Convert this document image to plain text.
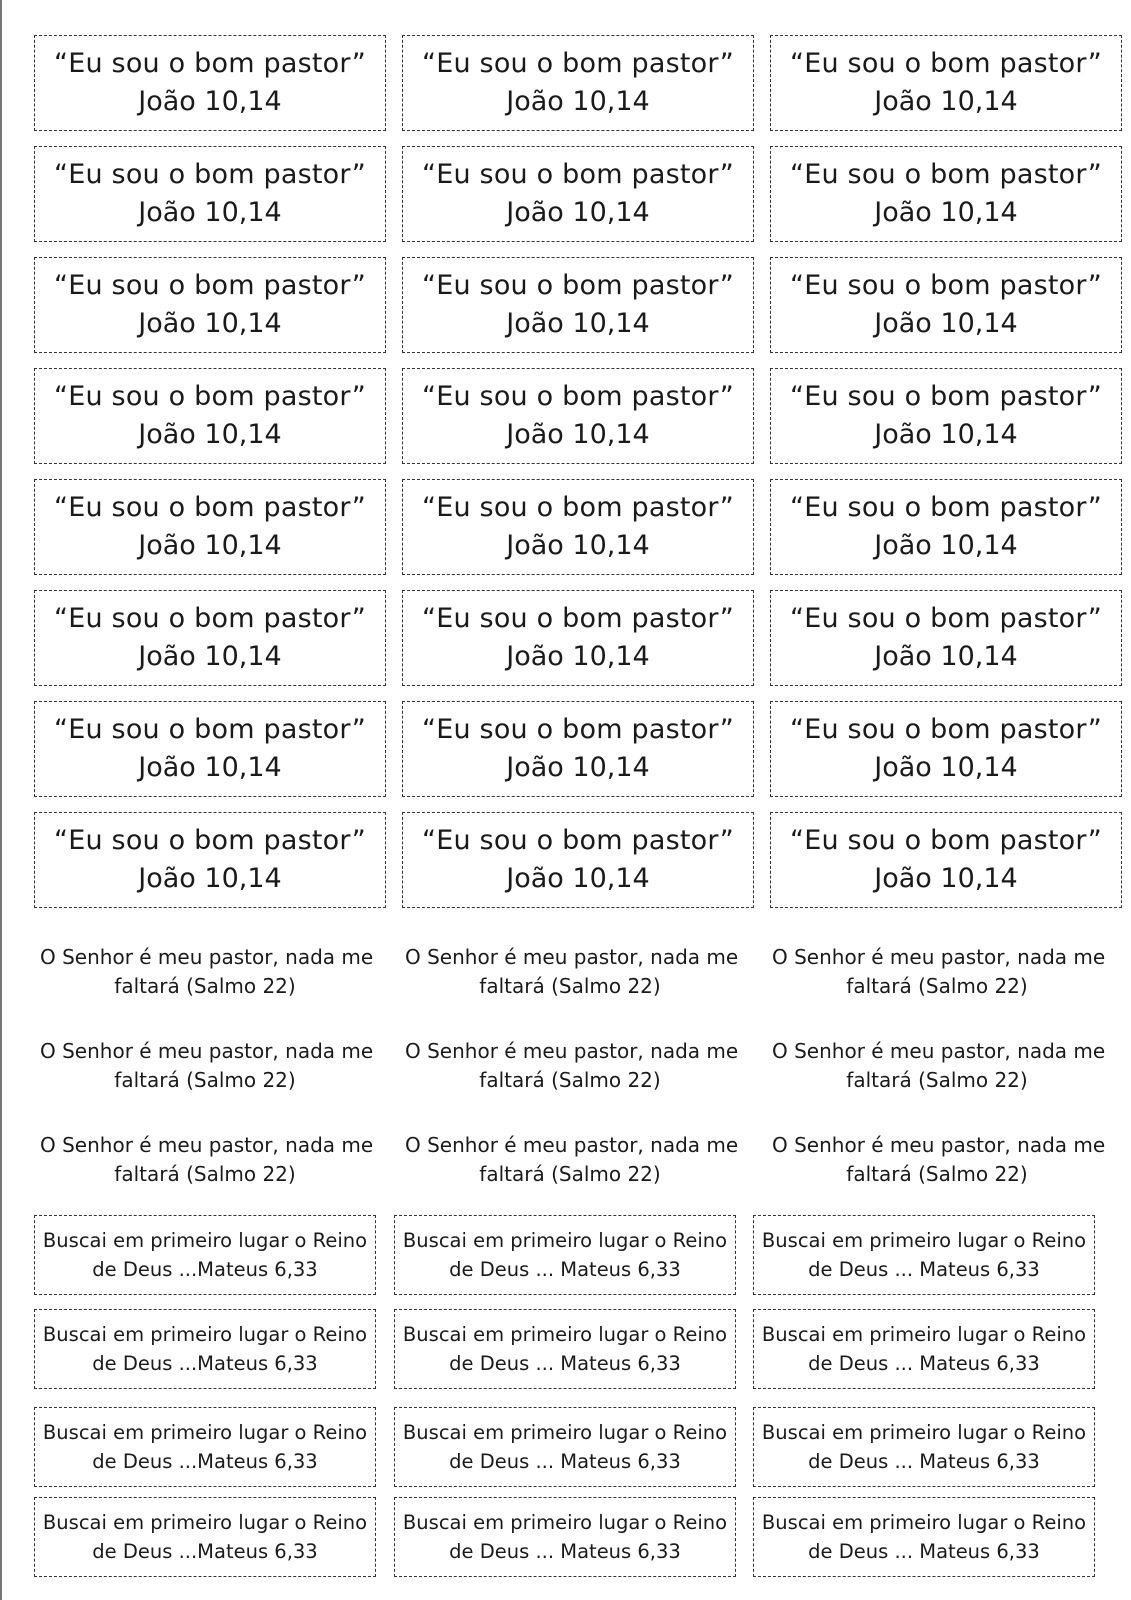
“Eu sou o bom pastor”
João 10,14
“Eu sou o bom pastor”
João 10,14
“Eu sou o bom pastor”
João 10,14
“Eu sou o bom pastor”
João 10,14
“Eu sou o bom pastor”
João 10,14
“Eu sou o bom pastor”
João 10,14
“Eu sou o bom pastor”
João 10,14
“Eu sou o bom pastor”
João 10,14
“Eu sou o bom pastor”
João 10,14
“Eu sou o bom pastor”
João 10,14
“Eu sou o bom pastor”
João 10,14
“Eu sou o bom pastor”
João 10,14
“Eu sou o bom pastor”
João 10,14
“Eu sou o bom pastor”
João 10,14
“Eu sou o bom pastor”
João 10,14
“Eu sou o bom pastor”
João 10,14
“Eu sou o bom pastor”
João 10,14
“Eu sou o bom pastor”
João 10,14
“Eu sou o bom pastor”
João 10,14
“Eu sou o bom pastor”
João 10,14
“Eu sou o bom pastor”
João 10,14
“Eu sou o bom pastor”
João 10,14
“Eu sou o bom pastor”
João 10,14
“Eu sou o bom pastor”
João 10,14
O Senhor é meu pastor, nada me
faltará (Salmo 22)
O Senhor é meu pastor, nada me
faltará (Salmo 22)
O Senhor é meu pastor, nada me
faltará (Salmo 22)
O Senhor é meu pastor, nada me
faltará (Salmo 22)
O Senhor é meu pastor, nada me
faltará (Salmo 22)
O Senhor é meu pastor, nada me
faltará (Salmo 22)
O Senhor é meu pastor, nada me
faltará (Salmo 22)
O Senhor é meu pastor, nada me
faltará (Salmo 22)
O Senhor é meu pastor, nada me
faltará (Salmo 22)
Buscai em primeiro lugar o Reino
de Deus ...Mateus 6,33
Buscai em primeiro lugar o Reino
de Deus ... Mateus 6,33
Buscai em primeiro lugar o Reino
de Deus ... Mateus 6,33
Buscai em primeiro lugar o Reino
de Deus ...Mateus 6,33
Buscai em primeiro lugar o Reino
de Deus ... Mateus 6,33
Buscai em primeiro lugar o Reino
de Deus ... Mateus 6,33
Buscai em primeiro lugar o Reino
de Deus ...Mateus 6,33
Buscai em primeiro lugar o Reino
de Deus ... Mateus 6,33
Buscai em primeiro lugar o Reino
de Deus ... Mateus 6,33
Buscai em primeiro lugar o Reino
de Deus ...Mateus 6,33
Buscai em primeiro lugar o Reino
de Deus ... Mateus 6,33
Buscai em primeiro lugar o Reino
de Deus ... Mateus 6,33
